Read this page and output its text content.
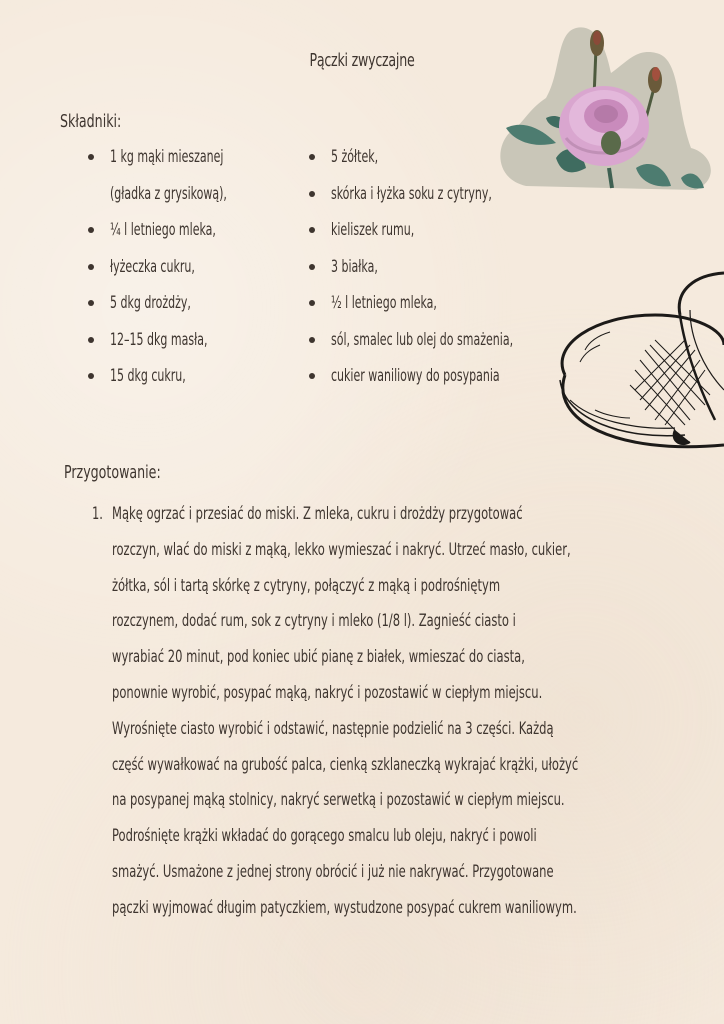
Pączki zwyczajne
Składniki:
1 kg mąki mieszanej
(gładka z grysikową),
¼ l letniego mleka,
łyżeczka cukru,
5 dkg drożdży,
12–15 dkg masła,
15 dkg cukru,
5 żółtek,
skórka i łyżka soku z cytryny,
kieliszek rumu,
3 białka,
½ l letniego mleka,
sól, smalec lub olej do smażenia,
cukier waniliowy do posypania
Przygotowanie:
1. Mąkę ogrzać i przesiać do miski. Z mleka, cukru i drożdży przygotować
rozczyn, wlać do miski z mąką, lekko wymieszać i nakryć. Utrzeć masło, cukier,
żółtka, sól i tartą skórkę z cytryny, połączyć z mąką i podrośniętym
rozczynem, dodać rum, sok z cytryny i mleko (1/8 l). Zagnieść ciasto i
wyrabiać 20 minut, pod koniec ubić pianę z białek, wmieszać do ciasta,
ponownie wyrobić, posypać mąką, nakryć i pozostawić w ciepłym miejscu.
Wyrośnięte ciasto wyrobić i odstawić, następnie podzielić na 3 części. Każdą
część wywałkować na grubość palca, cienką szklaneczką wykrajać krążki, ułożyć
na posypanej mąką stolnicy, nakryć serwetką i pozostawić w ciepłym miejscu.
Podrośnięte krążki wkładać do gorącego smalcu lub oleju, nakryć i powoli
smażyć. Usmażone z jednej strony obrócić i już nie nakrywać. Przygotowane
pączki wyjmować długim patyczkiem, wystudzone posypać cukrem waniliowym.
